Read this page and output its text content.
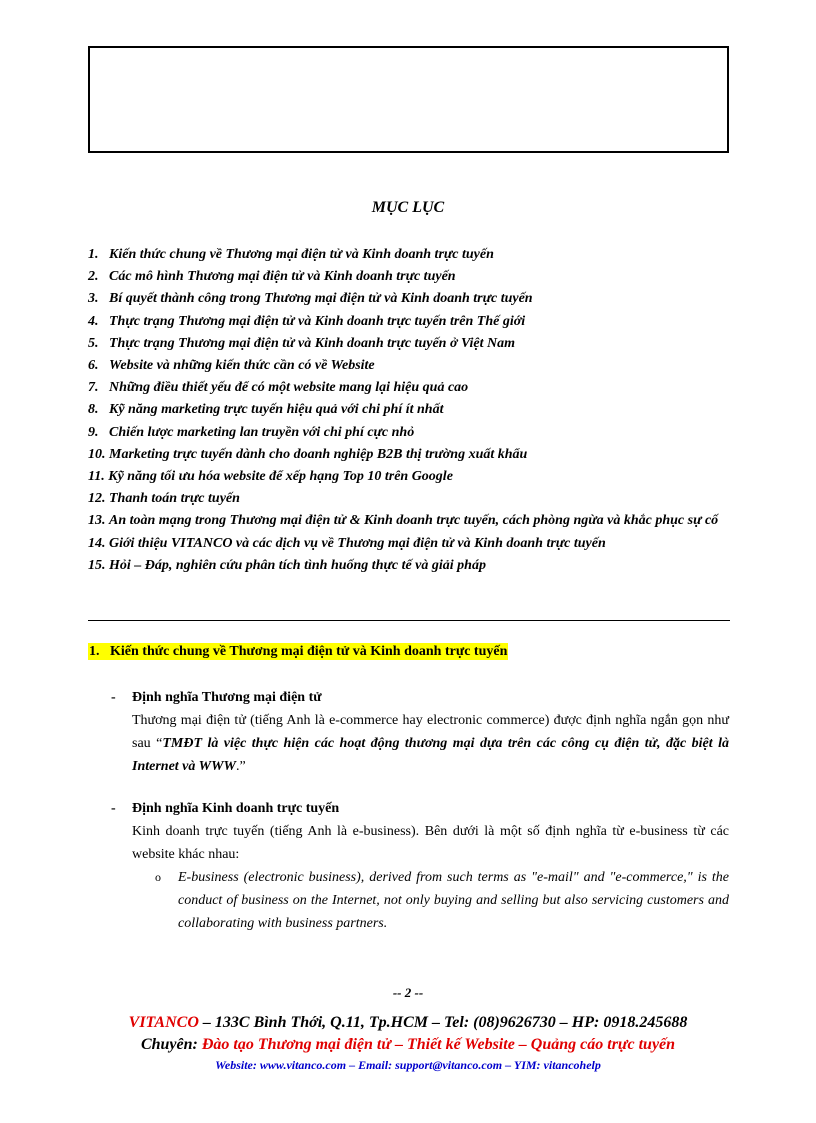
MỤC LỤC
1. Kiến thức chung về Thương mại điện tử và Kinh doanh trực tuyến
2. Các mô hình Thương mại điện tử và Kinh doanh trực tuyến
3. Bí quyết thành công trong Thương mại điện tử và Kinh doanh trực tuyến
4. Thực trạng Thương mại điện tử và Kinh doanh trực tuyến trên Thế giới
5. Thực trạng Thương mại điện tử và Kinh doanh trực tuyến ở Việt Nam
6. Website và những kiến thức cần có về Website
7. Những điều thiết yếu để có một website mang lại hiệu quả cao
8. Kỹ năng marketing trực tuyến hiệu quả với chi phí ít nhất
9. Chiến lược marketing lan truyền với chi phí cực nhỏ
10.
Marketing trực tuyến dành cho doanh nghiệp B2B thị trường xuất khẩu
11.
Kỹ năng tối ưu hóa website để xếp hạng Top 10 trên Google
12.
Thanh toán trực tuyến
13.
An toàn mạng trong Thương mại điện tử & Kinh doanh trực tuyến, cách phòng ngừa và khắc phục sự cố
14.
Giới thiệu VITANCO và các dịch vụ về Thương mại điện tử và Kinh doanh trực tuyến
15.
Hỏi – Đáp, nghiên cứu phân tích tình huống thực tế và giải pháp
1. Kiến thức chung về Thương mại điện tử và Kinh doanh trực tuyến
- Định nghĩa Thương mại điện tử
Thương mại điện tử (tiếng Anh là e-commerce hay electronic commerce) được định nghĩa ngắn gọn như sau “TMĐT là việc thực hiện các hoạt động thương mại dựa trên các công cụ điện tử, đặc biệt là Internet và WWW.”
- Định nghĩa Kinh doanh trực tuyến
Kinh doanh trực tuyến (tiếng Anh là e-business). Bên dưới là một số định nghĩa từ e-business từ các website khác nhau:
o E-business (electronic business), derived from such terms as "e-mail" and "e-commerce," is the conduct of business on the Internet, not only buying and selling but also servicing customers and collaborating with business partners.
-- 2 --
VITANCO – 133C Bình Thới, Q.11, Tp.HCM – Tel: (08)9626730 – HP: 0918.245688
Chuyên: Đào tạo Thương mại điện tử – Thiết kế Website – Quảng cáo trực tuyến
Website: www.vitanco.com – Email: support@vitanco.com – YIM: vitancohelp
